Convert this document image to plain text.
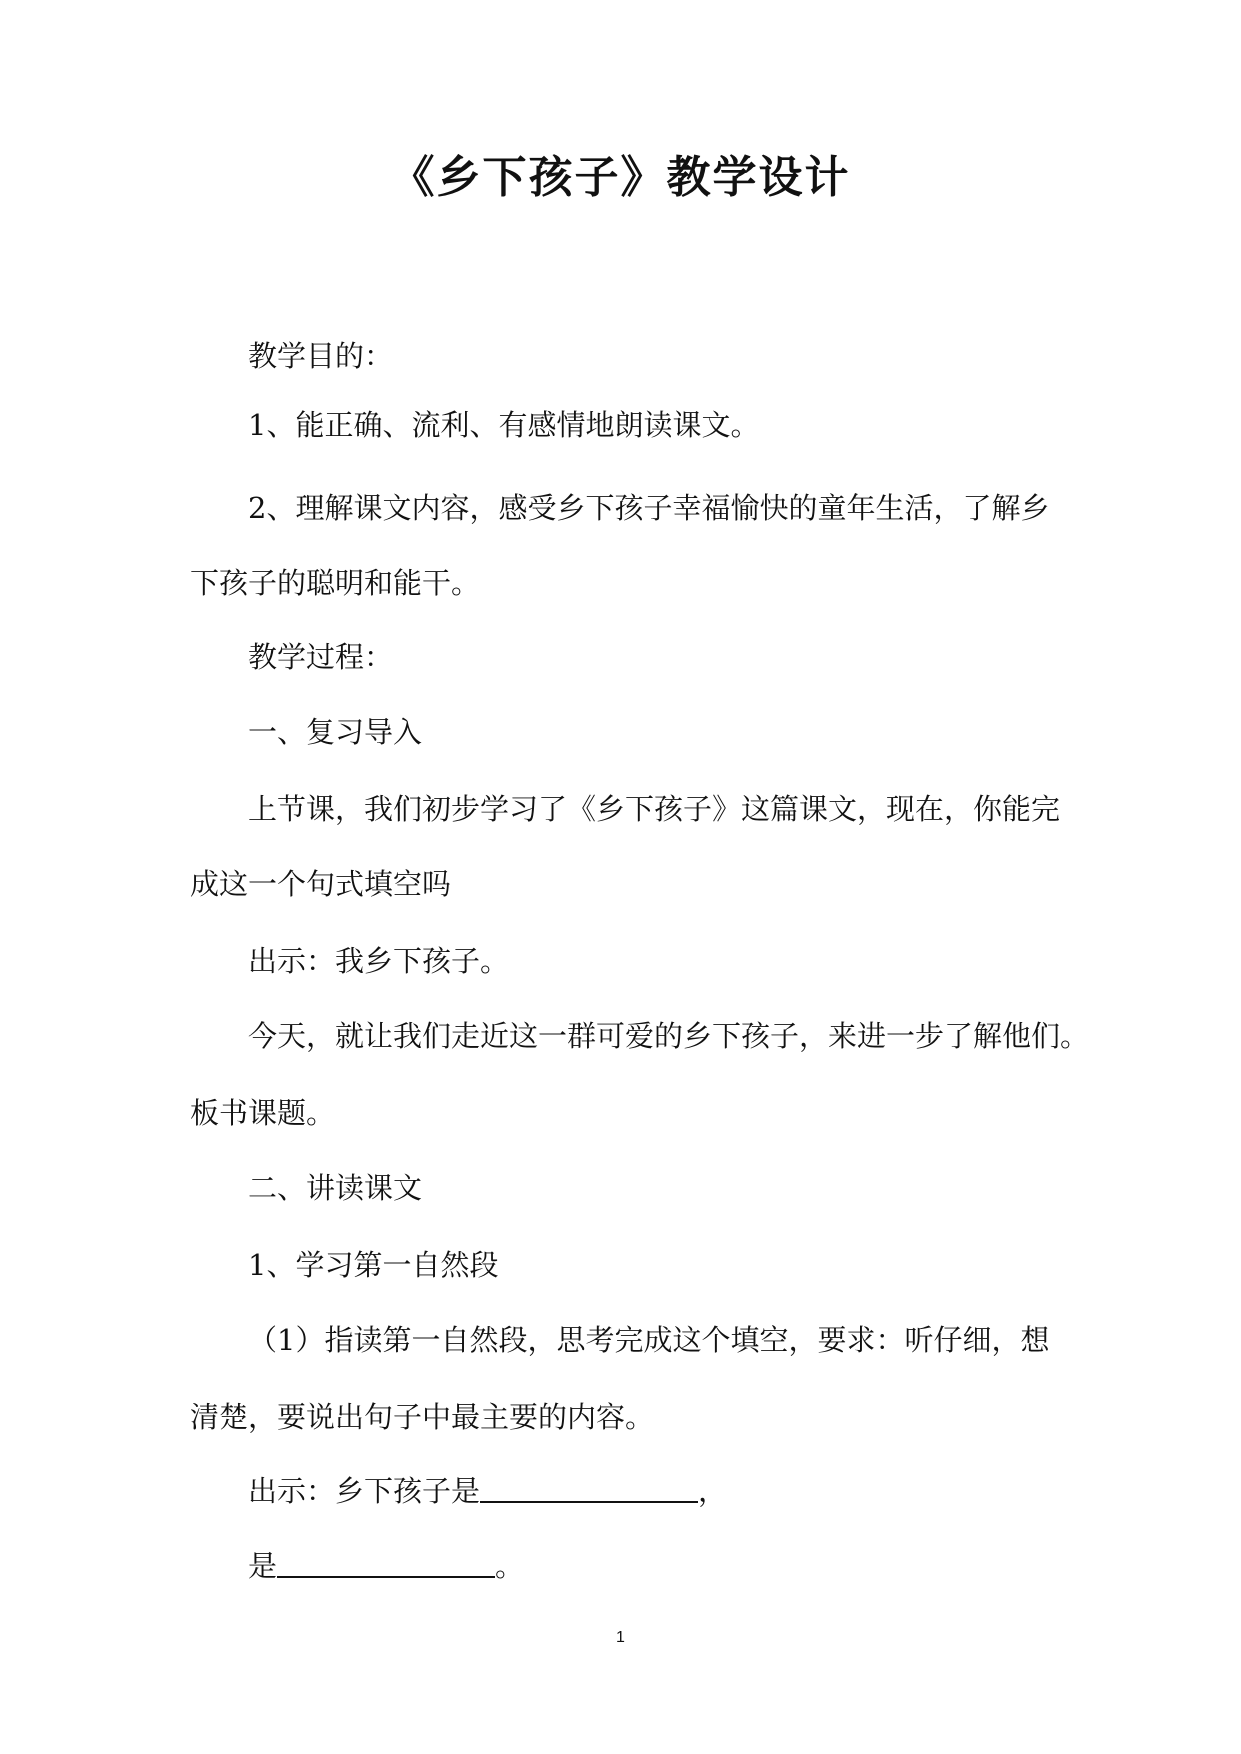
《乡下孩子》教学设计
教学目的：
1、能正确、流利、有感情地朗读课文。
2、理解课文内容，感受乡下孩子幸福愉快的童年生活，了解乡
下孩子的聪明和能干。
教学过程：
一、复习导入
上节课，我们初步学习了《乡下孩子》这篇课文，现在，你能完
成这一个句式填空吗
出示：我乡下孩子。
今天，就让我们走近这一群可爱的乡下孩子，来进一步了解他们。
板书课题。
二、讲读课文
1、学习第一自然段
（1）指读第一自然段，思考完成这个填空，要求：听仔细，想
清楚，要说出句子中最主要的内容。
出示：乡下孩子是	，
是	。
1
